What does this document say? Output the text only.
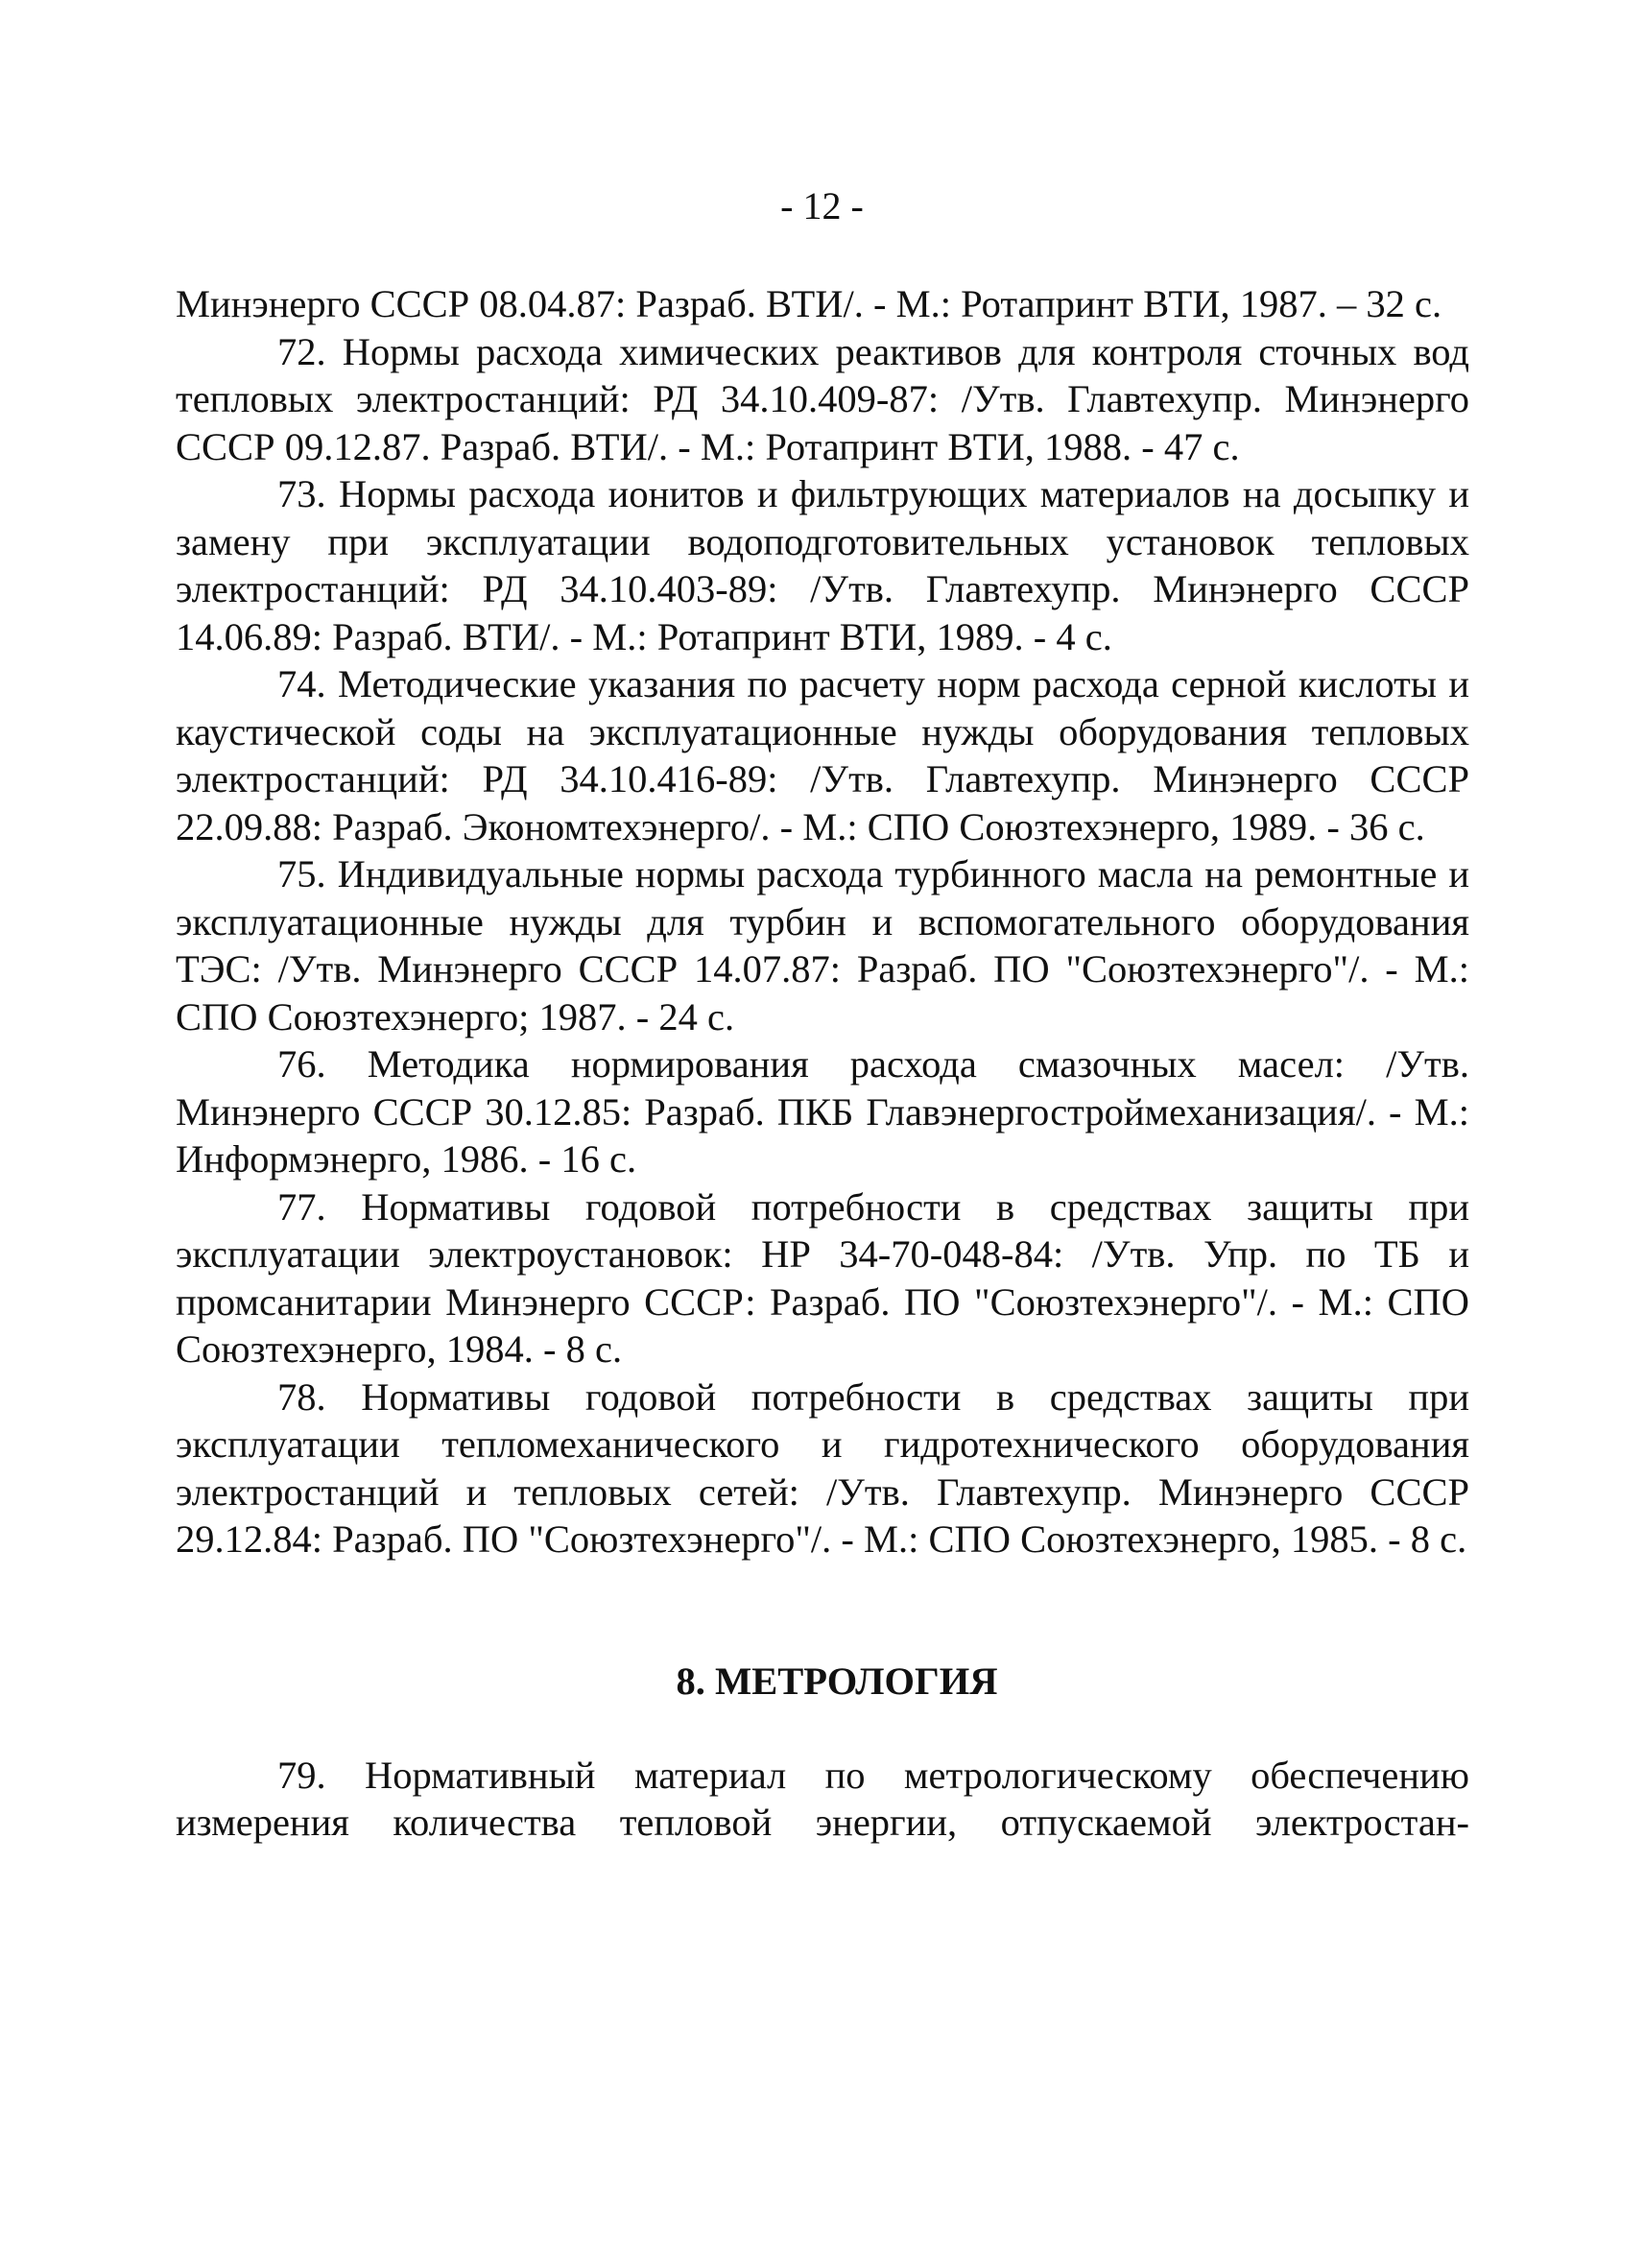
- 12 -

Минэнерго СССР 08.04.87: Разраб. ВТИ/. - М.: Ротапринт ВТИ, 1987. – 32 с.

72. Нормы расхода химических реактивов для контроля сточных вод тепловых электростанций: РД 34.10.409-87: /Утв. Главтехупр. Минэнерго СССР 09.12.87. Разраб. ВТИ/. - М.: Ротапринт ВТИ, 1988. - 47 с.

73. Нормы расхода ионитов и фильтрующих материалов на досыпку и замену при эксплуатации водоподготовительных установок тепловых электростанций: РД 34.10.403-89: /Утв. Главтехупр. Минэнерго СССР 14.06.89: Разраб. ВТИ/. - М.: Ротапринт ВТИ, 1989. - 4 с.

74. Методические указания по расчету норм расхода серной кислоты и каустической соды на эксплуатационные нужды оборудования тепловых электростанций: РД 34.10.416-89: /Утв. Главтехупр. Минэнерго СССР 22.09.88: Разраб. Экономтехэнерго/. - М.: СПО Союзтехэнерго, 1989. - 36 с.

75. Индивидуальные нормы расхода турбинного масла на ремонтные и эксплуатационные нужды для турбин и вспомогательного оборудования ТЭС: /Утв. Минэнерго СССР 14.07.87: Разраб. ПО "Союзтехэнерго"/. - М.: СПО Союзтехэнерго; 1987. - 24 с.

76. Методика нормирования расхода смазочных масел: /Утв. Минэнерго СССР 30.12.85: Разраб. ПКБ Главэнергостроймеханизация/. - М.: Информэнерго, 1986. - 16 с.

77. Нормативы годовой потребности в средствах защиты при эксплуатации электроустановок: НР 34-70-048-84: /Утв. Упр. по ТБ и промсанитарии Минэнерго СССР: Разраб. ПО "Союзтехэнерго"/. - М.: СПО Союзтехэнерго, 1984. - 8 с.

78. Нормативы годовой потребности в средствах защиты при эксплуатации тепломеханического и гидротехнического оборудования электростанций и тепловых сетей: /Утв. Главтехупр. Минэнерго СССР 29.12.84: Разраб. ПО "Союзтехэнерго"/. - М.: СПО Союзтехэнерго, 1985. - 8 с.

8. МЕТРОЛОГИЯ

79. Нормативный материал по метрологическому обеспечению измерения количества тепловой энергии, отпускаемой электростан-
